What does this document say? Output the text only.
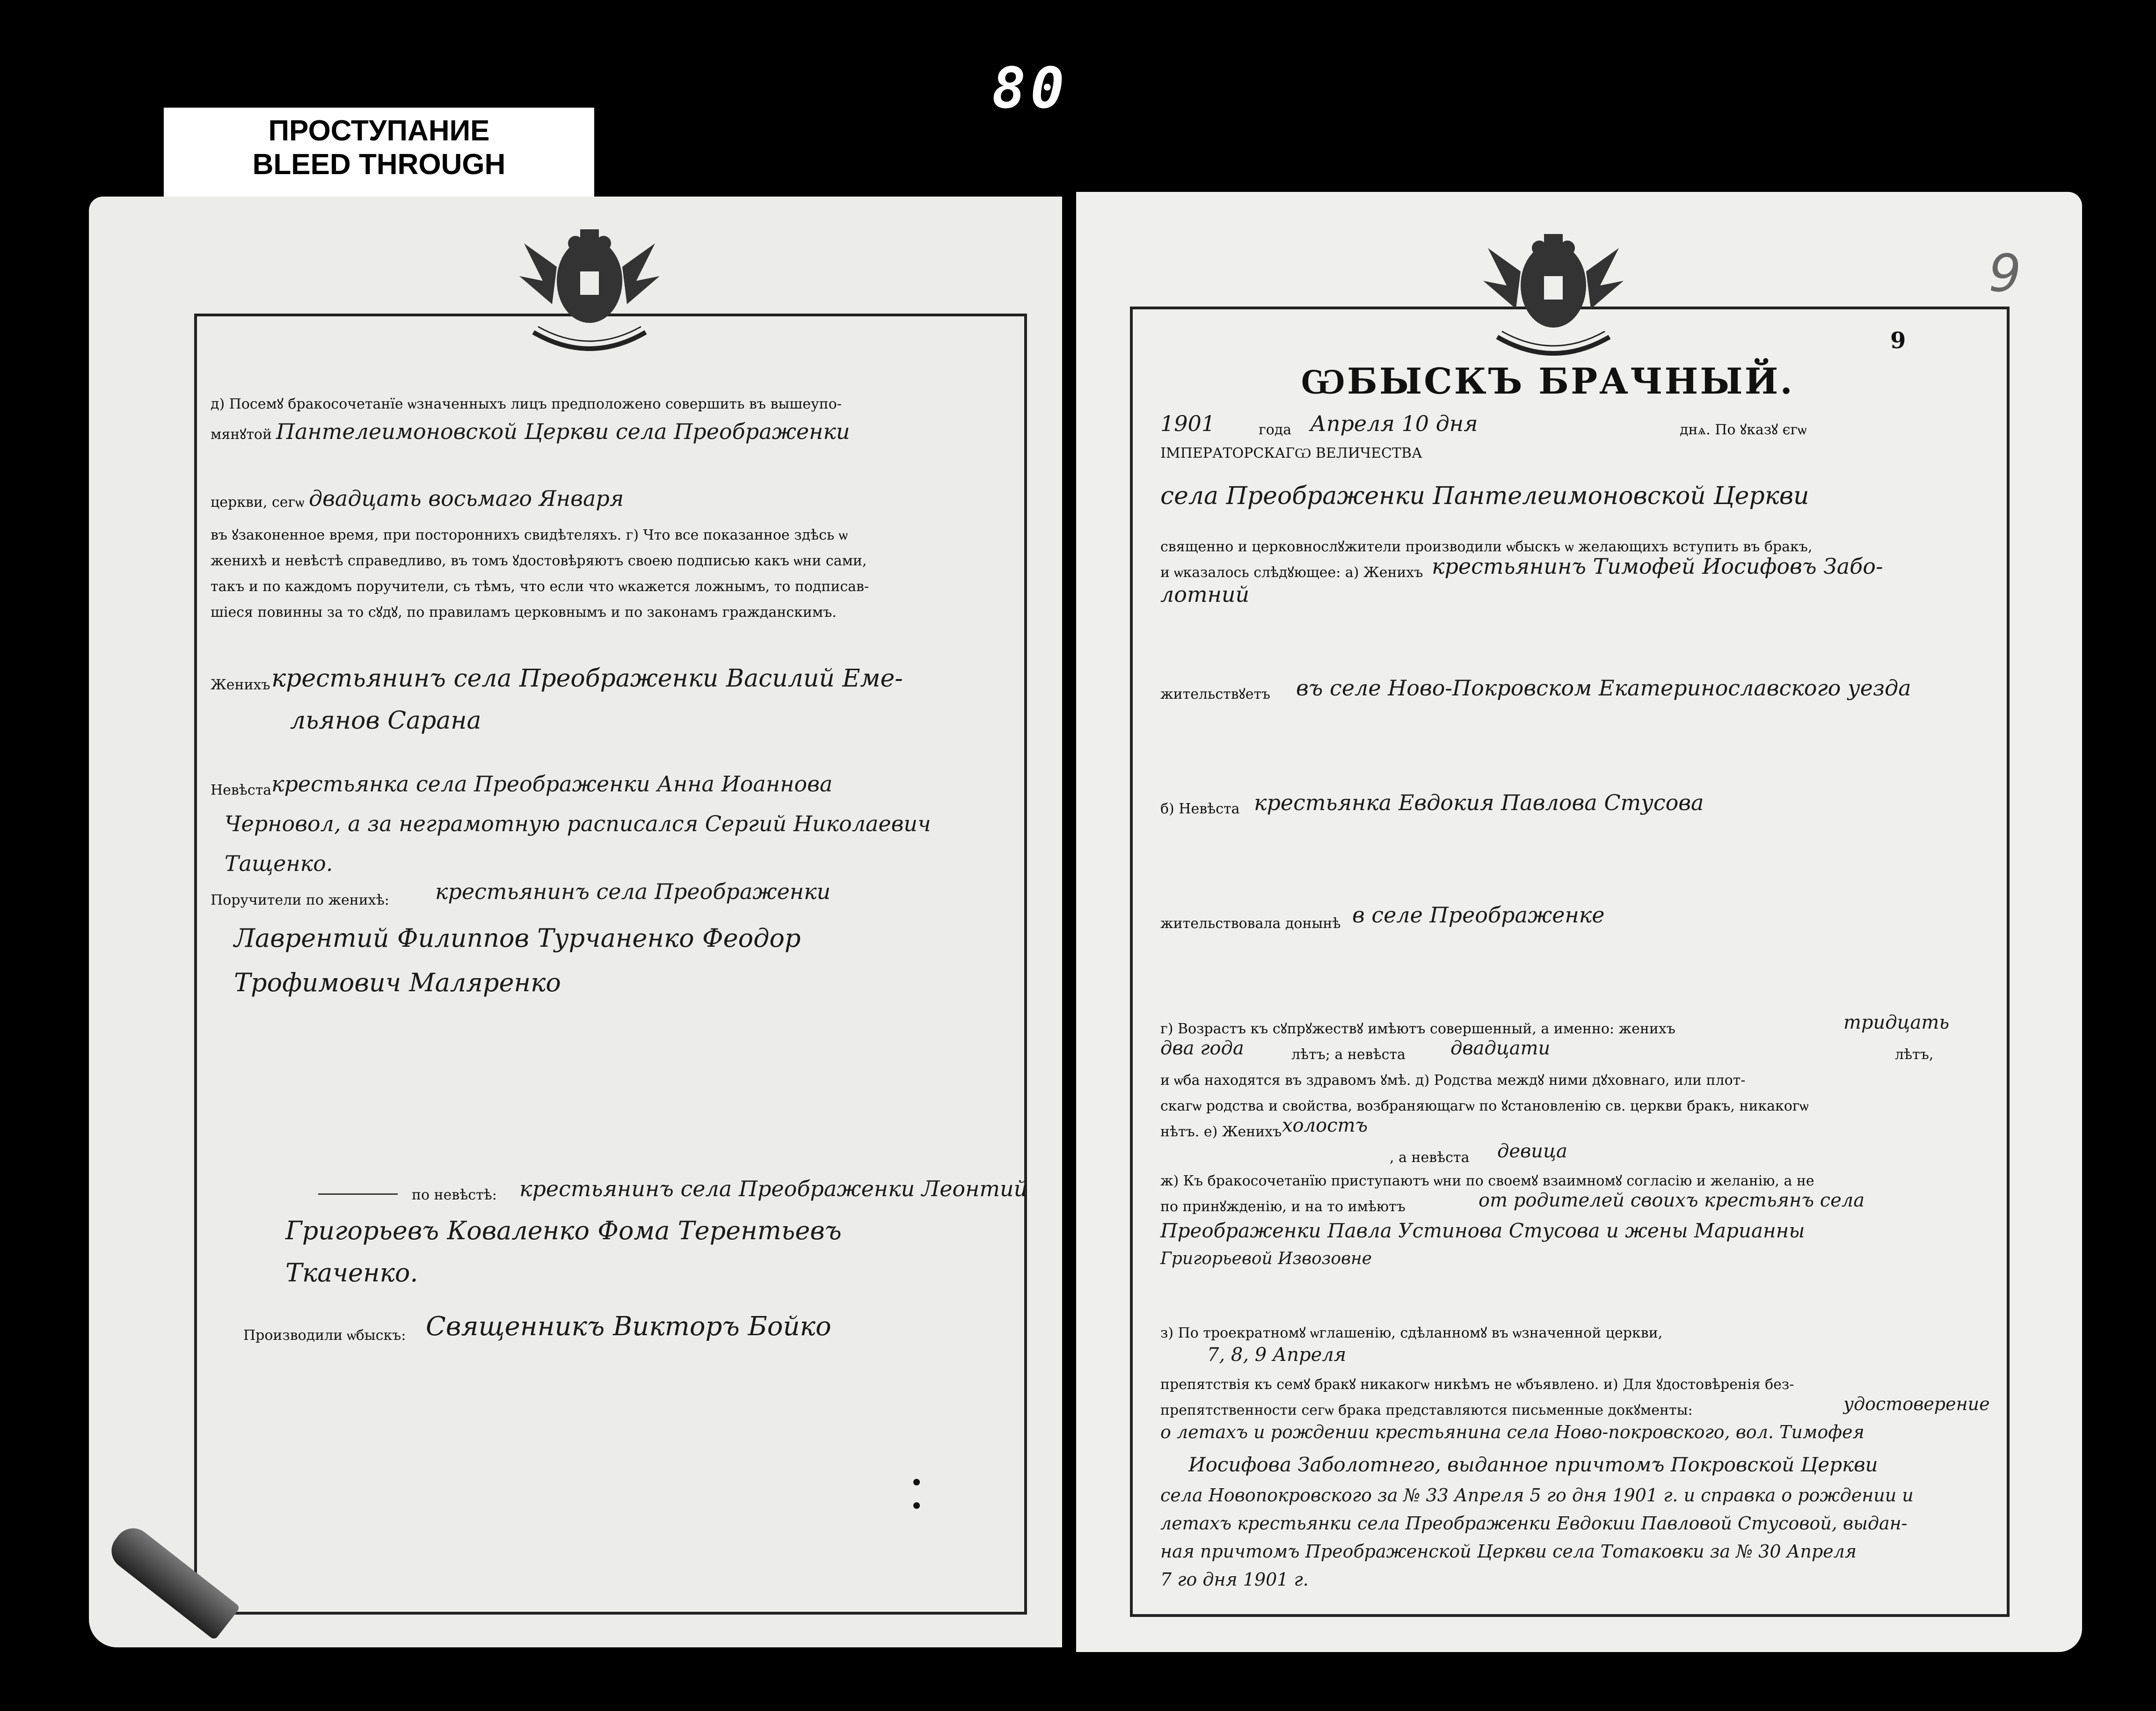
80
ПРОСТУПАНИЕ
BLEED THROUGH
д) Посемꙋ бракосочетанїе ѡзначенныхъ лицъ предположено совершить въ вышеупо-
мянꙋтой Пантелеимоновской Церкви села Преображенки
церкви, сегѡ двадцать восьмаго Января
въ ꙋзаконенное время, при постороннихъ свидѣтеляхъ. г) Что все показанное здѣсь ѡ
женихѣ и невѣстѣ справедливо, въ томъ ꙋдостовѣряютъ своею подписью какъ ѡни сами,
такъ и по каждомъ поручители, съ тѣмъ, что если что ѡкажется ложнымъ, то подписав-
шіеся повинны за то сꙋдꙋ, по правиламъ церковнымъ и по законамъ гражданскимъ.
Женихъ крестьянинъ села Преображенки Василий Еме-
льянов Саранa
Невѣста крестьянка села Преображенки Анна Иоаннова
Черновол, а за неграмотную расписался Сергий Николаевич
Тащенко.
Поручители по женихѣ: крестьянинъ села Преображенки
Лаврентий Филиппов Турчаненко Феодор
Трофимович Маляренко
по невѣстѣ: крестьянинъ села Преображенки Леонтий
Григорьевъ Коваленко Фома Терентьевъ
Ткаченко.
Производили ѡбыскъ: Священникъ Викторъ Бойко
9
9
ѠБЫСКЪ БРАЧНЫЙ.
1901	года Апреля 10 дня	днѧ. По ꙋказꙋ єгѡ
ІМПЕРАТОРСКАГѠ ВЕЛИЧЕСТВА
села Преображенки Пантелеимоновской Церкви
священно и церковнослꙋжители производили ѡбыскъ ѡ желающихъ вступить въ бракъ,
и ѡказалось слѣдꙋющее: а) Женихъ крестьянинъ Тимофей Иосифовъ Забо-
лотний
жительствꙋетъ въ селе Ново-Покровском Екатеринославского уезда
б) Невѣста крестьянка Евдокия Павлова Стусова
жительствовала донынѣ в селе Преображенке
г) Возрастъ къ сꙋпрꙋжествꙋ имѣютъ совершенный, а именно: женихъ	тридцать
два года	лѣтъ; а невѣста двадцати	лѣтъ,
и ѡба находятся въ здравомъ ꙋмѣ. д) Родства междꙋ ними дꙋховнаго, или плот-
скагѡ родства и свойства, возбраняющагѡ по ꙋстановленію св. церкви бракъ, никакогѡ
нѣтъ. е) Женихъ холостъ
, а невѣста девица
ж) Къ бракосочетанїю приступаютъ ѡни по своемꙋ взаимномꙋ согласію и желанію, а не
по принꙋжденію, и на то имѣютъ	от родителей своихъ крестьянъ села
Преображенки Павла Устинова Стусова и жены Марианны
Григорьевой Извозовне
з) По троекратномꙋ ѡглашенію, сдѣланномꙋ въ ѡзначенной церкви,
7, 8, 9 Апреля
препятствія къ семꙋ бракꙋ никакогѡ никѣмъ не ѡбъявлено. и) Для ꙋдостовѣренія без-
препятственности сегѡ брака представляются письменные докꙋменты:	удостоверение
о летахъ и рождении крестьянина села Ново-покровского, вол. Тимофея
Иосифова Заболотнего, выданное причтомъ Покровской Церкви
села Новопокровского за № 33 Апреля 5 го дня 1901 г. и справка о рождении и
летахъ крестьянки села Преображенки Евдокии Павловой Стусовой, выдан-
ная причтомъ Преображенской Церкви села Тотаковки за № 30 Апреля
7 го дня 1901 г.
